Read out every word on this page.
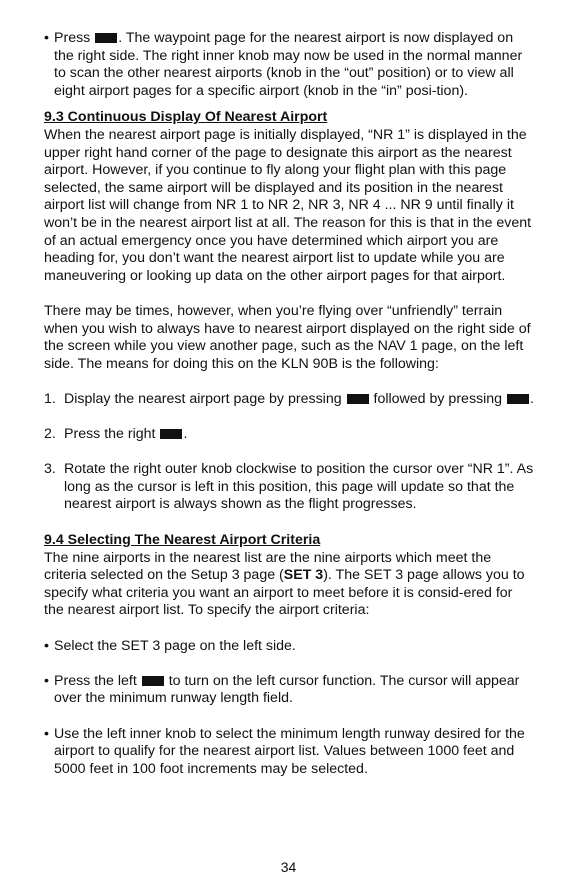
• Press . The waypoint page for the nearest airport is now displayed on the right side. The right inner knob may now be used in the normal manner to scan the other nearest airports (knob in the “out” position) or to view all eight airport pages for a specific airport (knob in the “in” posi-tion).
9.3 Continuous Display Of Nearest Airport

When the nearest airport page is initially displayed, “NR 1” is displayed in the upper right hand corner of the page to designate this airport as the nearest airport. However, if you continue to fly along your flight plan with this page selected, the same airport will be displayed and its position in the nearest airport list will change from NR 1 to NR 2, NR 3, NR 4 ... NR 9 until finally it won’t be in the nearest airport list at all. The reason for this is that in the event of an actual emergency once you have determined which airport you are heading for, you don’t want the nearest airport list to update while you are maneuvering or looking up data on the other airport pages for that airport.

There may be times, however, when you’re flying over “unfriendly” terrain when you wish to always have to nearest airport displayed on the right side of the screen while you view another page, such as the NAV 1 page, on the left side. The means for doing this on the KLN 90B is the following:

1. Display the nearest airport page by pressing followed by pressing .
2. Press the right .
3. Rotate the right outer knob clockwise to position the cursor over “NR 1”. As long as the cursor is left in this position, this page will update so that the nearest airport is always shown as the flight progresses.
9.4 Selecting The Nearest Airport Criteria

The nine airports in the nearest list are the nine airports which meet the criteria selected on the Setup 3 page (SET 3). The SET 3 page allows you to specify what criteria you want an airport to meet before it is consid-ered for the nearest airport list. To specify the airport criteria:

• Select the SET 3 page on the left side.
• Press the left to turn on the left cursor function. The cursor will appear over the minimum runway length field.
• Use the left inner knob to select the minimum length runway desired for the airport to qualify for the nearest airport list. Values between 1000 feet and 5000 feet in 100 foot increments may be selected.
34
